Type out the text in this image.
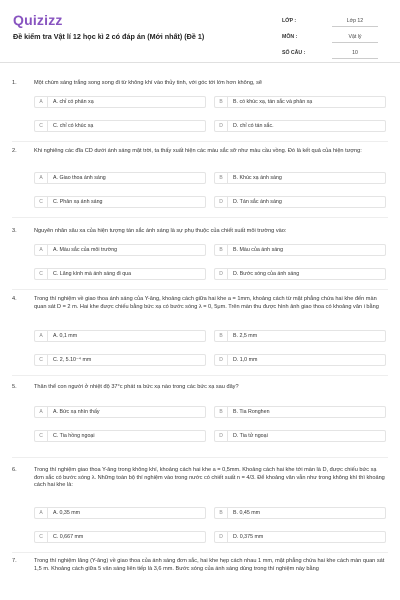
Quizizz
Đề kiểm tra Vật lí 12 học kì 2 có đáp án (Mới nhất) (Đề 1)
LỚP :	Lớp 12
MÔN :	Vật lý
SỐ CÂU :	10
1.	Một chùm sáng trắng song song đi từ không khí vào thủy tinh, với góc tới lớn hơn không, sẽ
A	A. chỉ có phản xạ	B	B. có khúc xạ, tán sắc và phản xạ
C	C. chỉ có khúc xạ	D	D. chỉ có tán sắc.
2.	Khi nghiêng các đĩa CD dưới ánh sáng mặt trời, ta thấy xuất hiện các màu sắc sỡ như màu cầu vồng. Đó là kết quả của hiện tượng:
A	A. Giao thoa ánh sáng	B	B. Khúc xạ ánh sáng
C	C. Phản xạ ánh sáng	D	D. Tán sắc ánh sáng
3.	Nguyên nhân sâu xa của hiện tượng tán sắc ánh sáng là sự phụ thuộc của chiết suất môi trường vào:
A	A. Màu sắc của môi trường	B	B. Màu của ánh sáng
C	C. Lăng kính mà ánh sáng đi qua	D	D. Bước sóng của ánh sáng
4.	Trong thí nghiệm về giao thoa ánh sáng của Y-âng, khoảng cách giữa hai khe a = 1mm, khoảng cách từ mặt phẳng chứa hai khe đến màn quan sát D = 2 m. Hai khe được chiếu bằng bức xạ có bước sóng λ = 0, 5μm. Trên màn thu được hình ảnh giao thoa có khoảng vân i bằng
A	A. 0,1 mm	B	B. 2,5 mm
C	C. 2, 5.10⁻⁴ mm	D	D. 1,0 mm
5.	Thân thể con người ở nhiệt độ 37°c phát ra bức xạ nào trong các bức xạ sau đây?
A	A. Bức xạ nhìn thấy	B	B. Tia Ronghen
C	C. Tia hồng ngoại	D	D. Tia tử ngoại
6.	Trong thí nghiệm giao thoa Y-âng trong không khí, khoảng cách hai khe a = 0,5mm. Khoảng cách hai khe tới màn là D, được chiếu bức xạ đơn sắc có bước sóng λ. Những toàn bộ thí nghiệm vào trong nước có chiết suất n = 4/3. Để khoảng vân vẫn như trong không khí thì khoảng cách hai khe là:
A	A. 0,35 mm	B	B. 0,45 mm
C	C. 0,667 mm	D	D. 0,375 mm
7.	Trong thí nghiệm Iâng (Y-âng) về giao thoa của ánh sáng đơn sắc, hai khe hẹp cách nhau 1 mm, mặt phẳng chứa hai khe cách màn quan sát 1,5 m. Khoảng cách giữa 5 vân sáng liên tiếp là 3,6 mm. Bước sóng của ánh sáng dùng trong thí nghiệm này bằng
